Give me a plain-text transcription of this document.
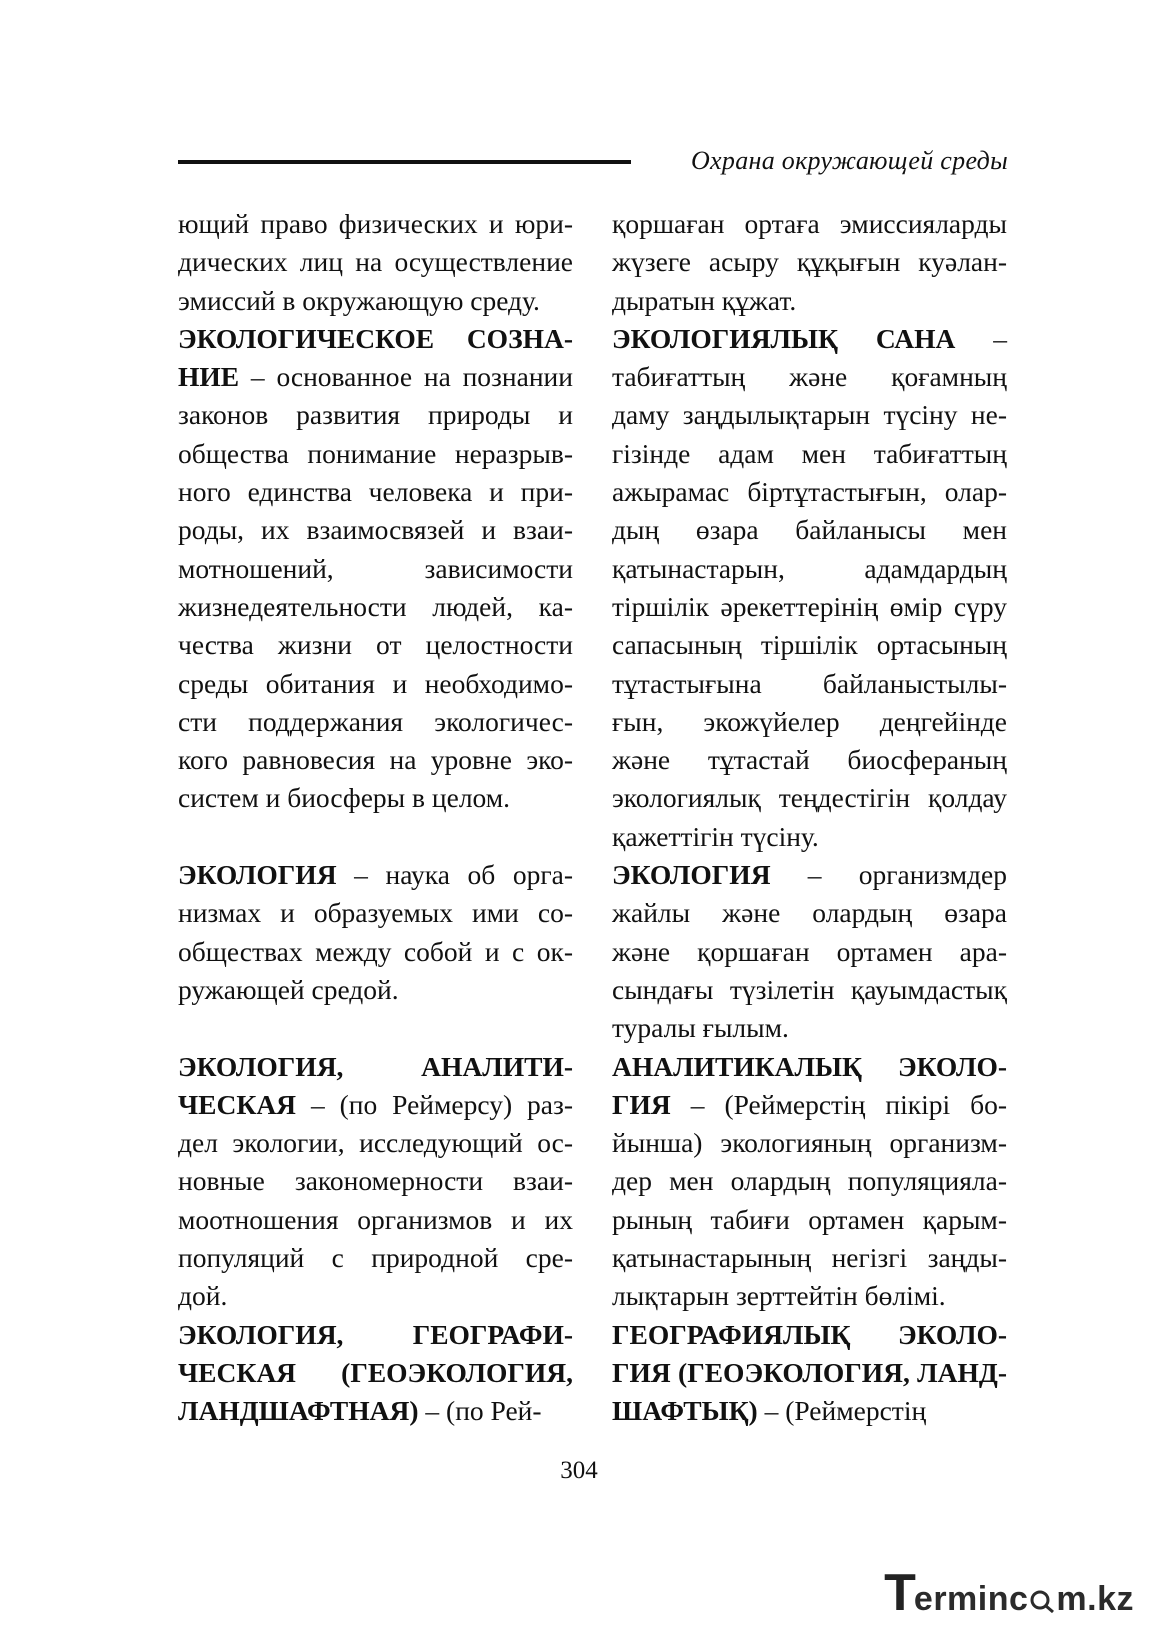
Охрана окружающей среды
ющий право физических и юри-
дических лиц на осуществление
эмиссий в окружающую среду.
ЭКОЛОГИЧЕСКОЕ СОЗНА-
НИЕ – основанное на познании
законов развития природы и
общества понимание неразрыв-
ного единства человека и при-
роды, их взаимосвязей и взаи-
мотношений, зависимости
жизнедеятельности людей, ка-
чества жизни от целостности
среды обитания и необходимо-
сти поддержания экологичес-
кого равновесия на уровне эко-
систем и биосферы в целом.
ЭКОЛОГИЯ – наука об орга-
низмах и образуемых ими со-
обществах между собой и с ок-
ружающей средой.
ЭКОЛОГИЯ, АНАЛИТИ-
ЧЕСКАЯ – (по Реймерсу) раз-
дел экологии, исследующий ос-
новные закономерности взаи-
моотношения организмов и их
популяций с природной сре-
дой.
ЭКОЛОГИЯ, ГЕОГРАФИ-
ЧЕСКАЯ (ГЕОЭКОЛОГИЯ,
ЛАНДШАФТНАЯ) – (по Рей-
қоршаған ортаға эмиссияларды
жүзеге асыру құқығын куәлан-
дыратын құжат.
ЭКОЛОГИЯЛЫҚ САНА –
табиғаттың және қоғамның
даму заңдылықтарын түсіну не-
гізінде адам мен табиғаттың
ажырамас біртұтастығын, олар-
дың өзара байланысы мен
қатынастарын, адамдардың
тіршілік әрекеттерінің өмір сүру
сапасының тіршілік ортасының
тұтастығына байланыстылы-
ғын, экожүйелер деңгейінде
және тұтастай биосфераның
экологиялық теңдестігін қолдау
қажеттігін түсіну.
ЭКОЛОГИЯ – организмдер
жайлы және олардың өзара
және қоршаған ортамен ара-
сындағы түзілетін қауымдастық
туралы ғылым.
АНАЛИТИКАЛЫҚ ЭКОЛО-
ГИЯ – (Реймерстің пікірі бо-
йынша) экологияның организм-
дер мен олардың популяцияла-
рының табиғи ортамен қарым-
қатынастарының негізгі заңды-
лықтарын зерттейтін бөлімі.
ГЕОГРАФИЯЛЫҚ ЭКОЛО-
ГИЯ (ГЕОЭКОЛОГИЯ, ЛАНД-
ШАФТЫҚ) – (Реймерстің
304
T
erminc m.kz
